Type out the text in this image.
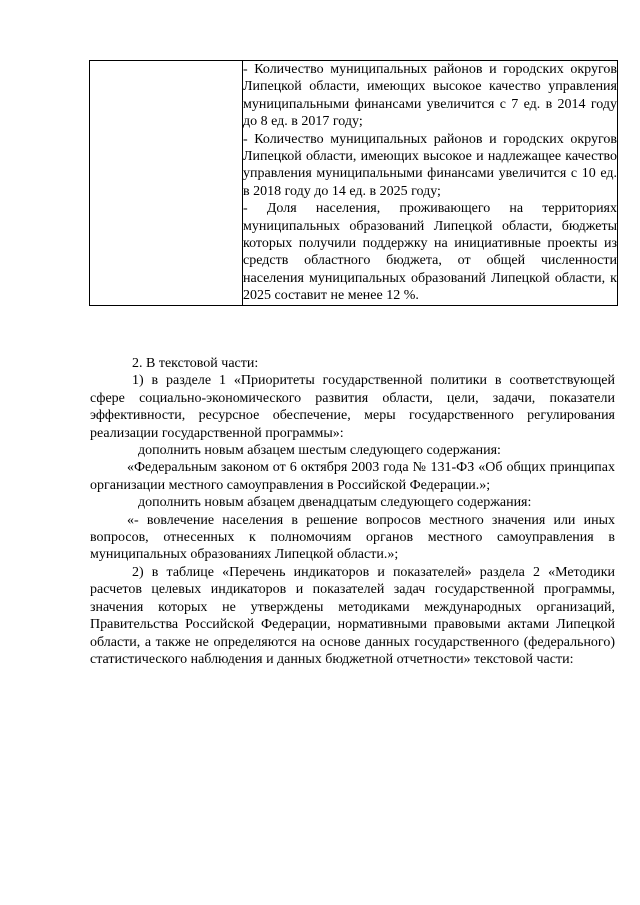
- Количество муниципальных районов и городских округов Липецкой области, имеющих высокое качество управления муниципальными финансами увеличится с 7 ед. в 2014 году до 8 ед. в 2017 году;

- Количество муниципальных районов и городских округов Липецкой области, имеющих высокое и надлежащее качество управления муниципальными финансами увеличится с 10 ед. в 2018 году до 14 ед. в 2025 году;

- Доля населения, проживающего на территориях муниципальных образований Липецкой области, бюджеты которых получили поддержку на инициативные проекты из средств областного бюджета, от общей численности населения муниципальных образований Липецкой области, к 2025 составит не менее 12 %.

2. В текстовой части:

1) в разделе 1 «Приоритеты государственной политики в соответствующей сфере социально-экономического развития области, цели, задачи, показатели эффективности, ресурсное обеспечение, меры государственного регулирования реализации государственной программы»:

дополнить новым абзацем шестым следующего содержания:

«Федеральным законом от 6 октября 2003 года № 131-ФЗ «Об общих принципах организации местного самоуправления в Российской Федерации.»;

дополнить новым абзацем двенадцатым следующего содержания:

«- вовлечение населения в решение вопросов местного значения или иных вопросов, отнесенных к полномочиям органов местного самоуправления в муниципальных образованиях Липецкой области.»;

2) в таблице «Перечень индикаторов и показателей» раздела 2 «Методики расчетов целевых индикаторов и показателей задач государственной программы, значения которых не утверждены методиками международных организаций, Правительства Российской Федерации, нормативными правовыми актами Липецкой области, а также не определяются на основе данных государственного (федерального) статистического наблюдения и данных бюджетной отчетности» текстовой части:
